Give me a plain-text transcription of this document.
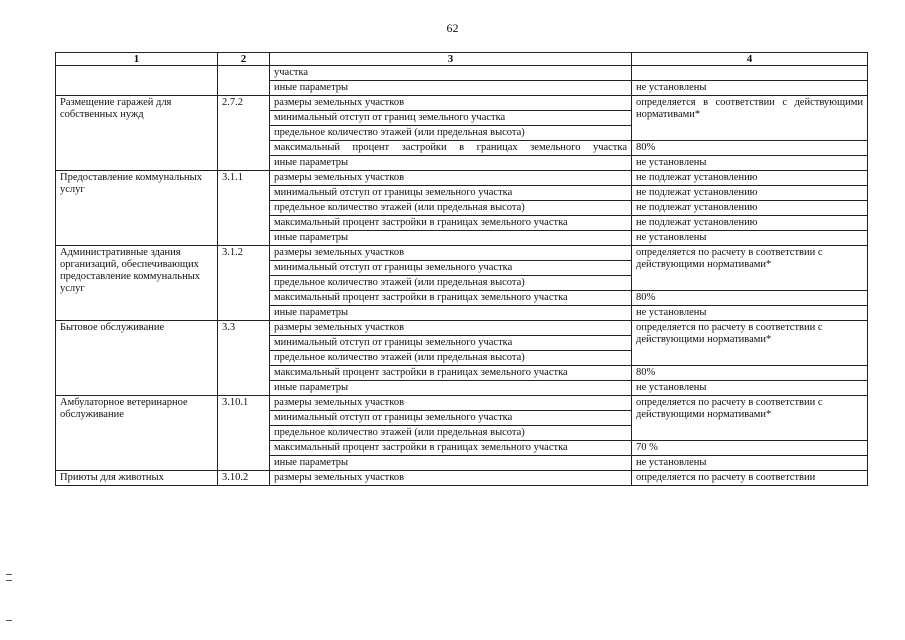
62
1	2	3	4
		участка	
		иные параметры	не установлены
Размещение гаражей для собственных нужд	2.7.2	размеры земельных участков	определяется в соответствии с действующими нормативами*
		минимальный отступ от границ земельного участка	
		предельное количество этажей (или предельная высота)	
		максимальный процент застройки в границах земельного участка	80%
		иные параметры	не установлены
Предоставление коммунальных услуг	3.1.1	размеры земельных участков	не подлежат установлению
		минимальный отступ от границы земельного участка	не подлежат установлению
		предельное количество этажей (или предельная высота)	не подлежат установлению
		максимальный процент застройки в границах земельного участка	не подлежат установлению
		иные параметры	не установлены
Административные здания организаций, обеспечивающих предоставление коммунальных услуг	3.1.2	размеры земельных участков	определяется по расчету в соответствии с действующими нормативами*
		минимальный отступ от границы земельного участка	
		предельное количество этажей (или предельная высота)	
		максимальный процент застройки в границах земельного участка	80%
		иные параметры	не установлены
Бытовое обслуживание	3.3	размеры земельных участков	определяется по расчету в соответствии с действующими нормативами*
		минимальный отступ от границы земельного участка	
		предельное количество этажей (или предельная высота)	
		максимальный процент застройки в границах земельного участка	80%
		иные параметры	не установлены
Амбулаторное ветеринарное обслуживание	3.10.1	размеры земельных участков	определяется по расчету в соответствии с действующими нормативами*
		минимальный отступ от границы земельного участка	
		предельное количество этажей (или предельная высота)	
		максимальный процент застройки в границах земельного участка	70 %
		иные параметры	не установлены
Приюты для животных	3.10.2	размеры земельных участков	определяется по расчету в соответствии
